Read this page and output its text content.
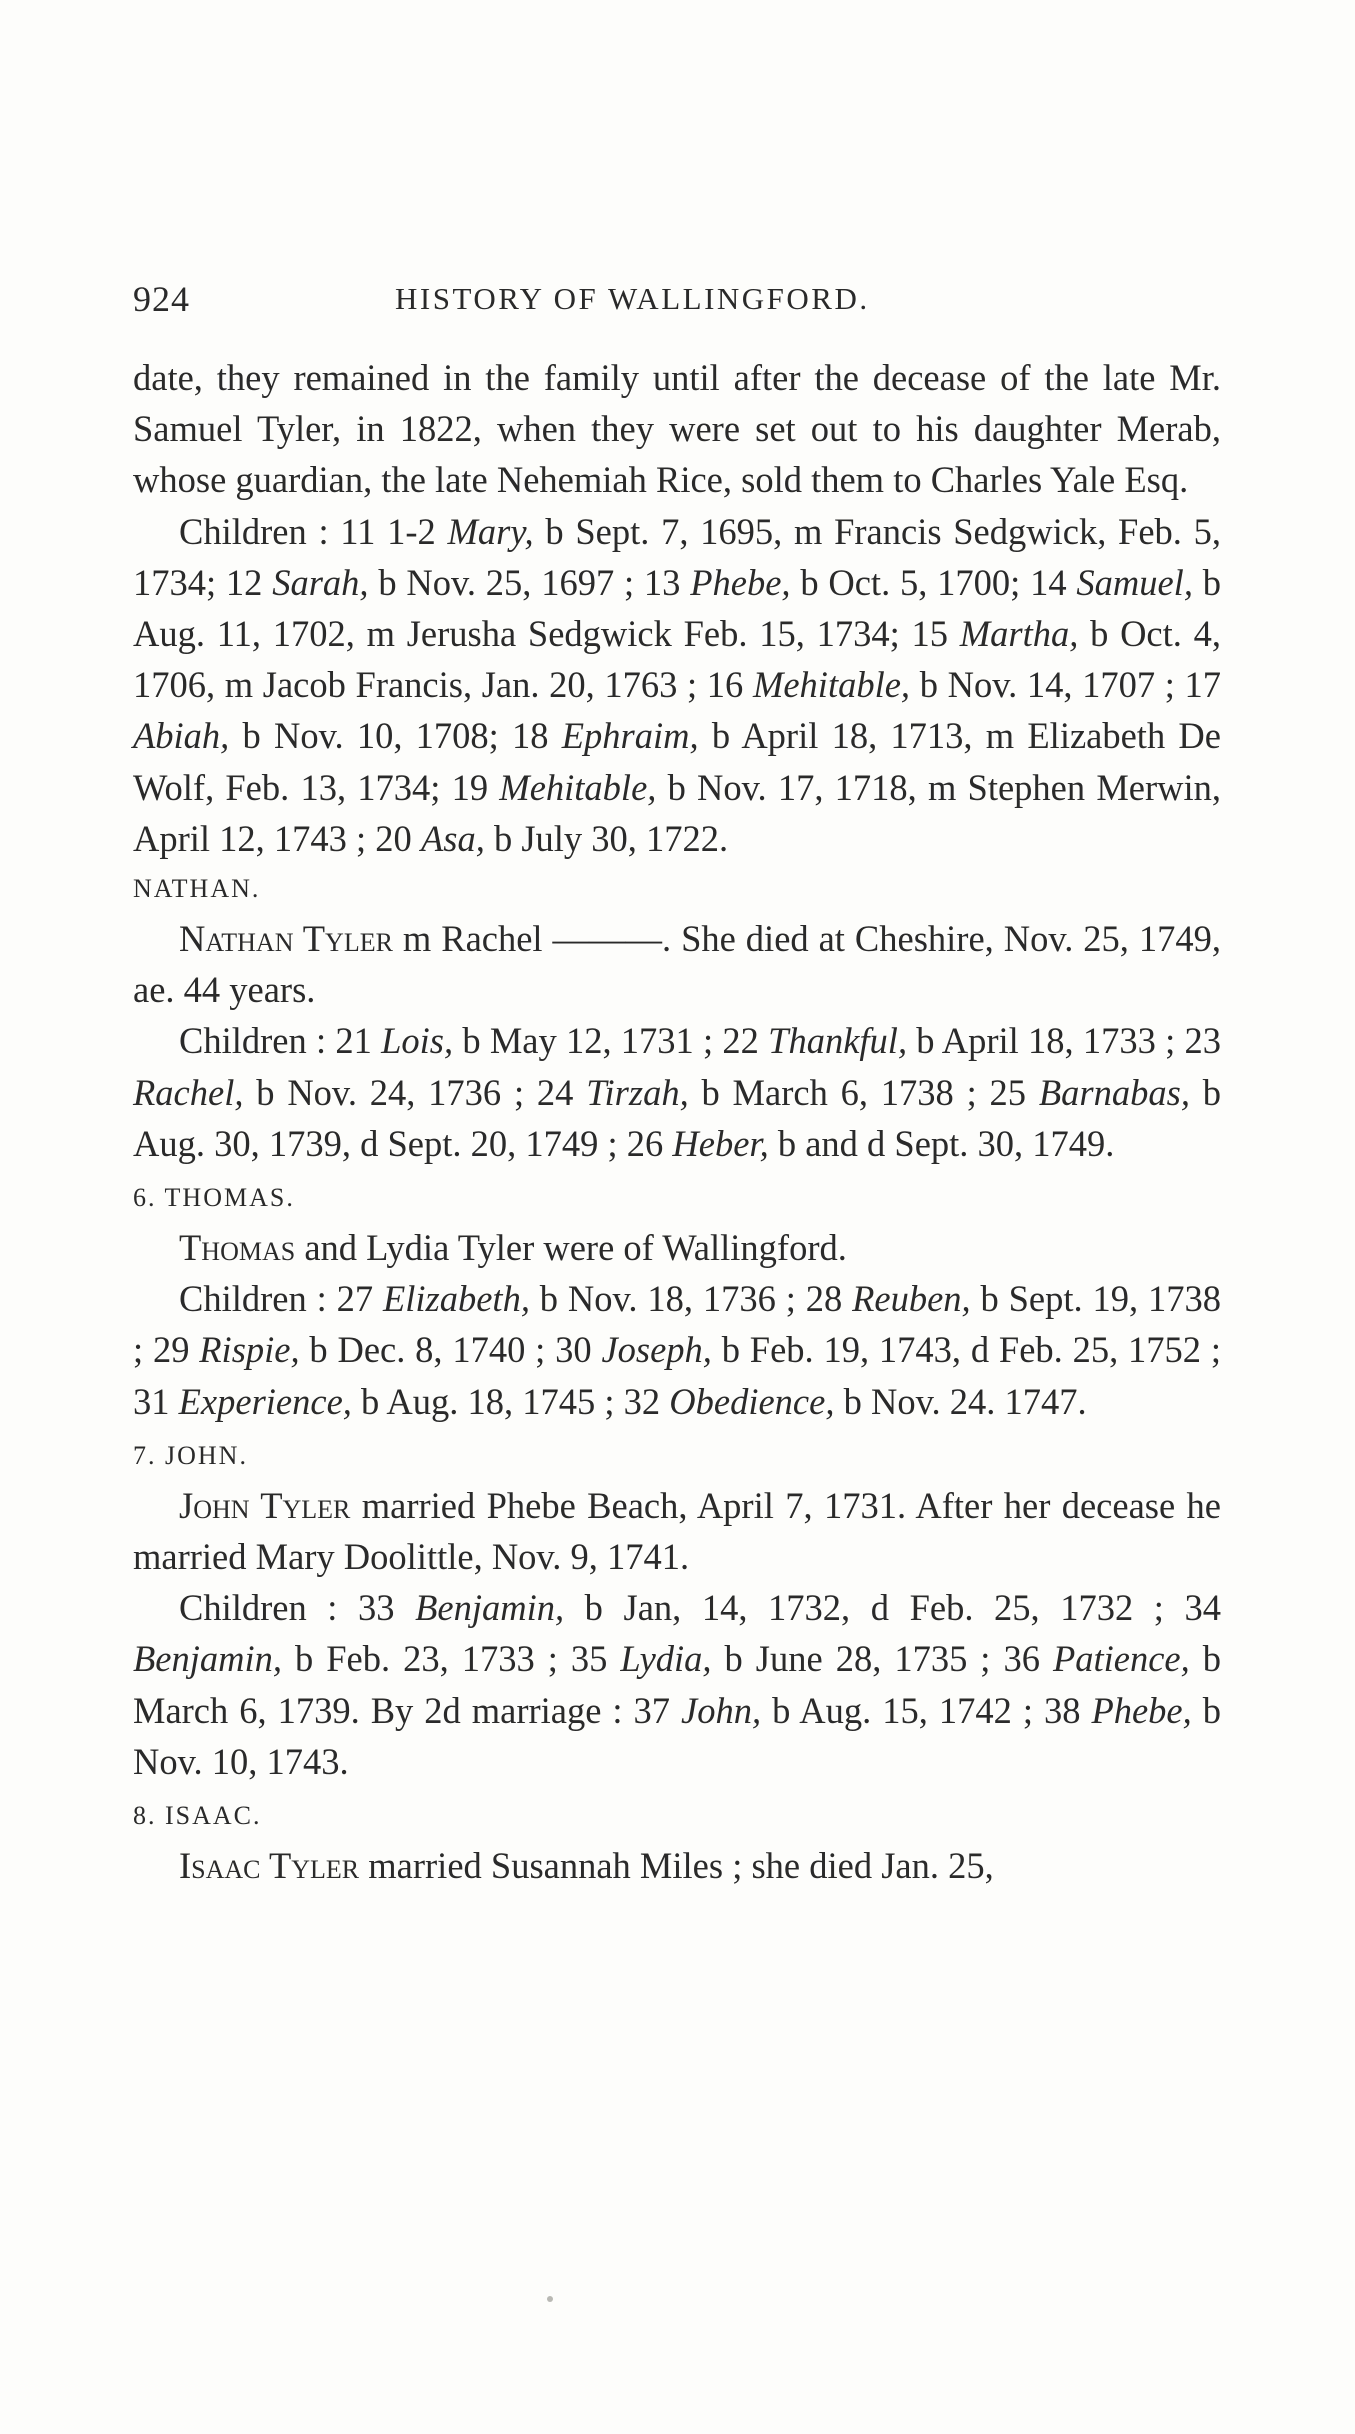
924	HISTORY OF WALLINGFORD.

date, they remained in the family until after the decease of the late Mr. Samuel Tyler, in 1822, when they were set out to his daughter Merab, whose guardian, the late Nehemiah Rice, sold them to Charles Yale Esq.

Children : 11 1-2 Mary, b Sept. 7, 1695, m Francis Sedgwick, Feb. 5, 1734; 12 Sarah, b Nov. 25, 1697 ; 13 Phebe, b Oct. 5, 1700; 14 Samuel, b Aug. 11, 1702, m Jerusha Sedgwick Feb. 15, 1734; 15 Martha, b Oct. 4, 1706, m Jacob Francis, Jan. 20, 1763 ; 16 Mehitable, b Nov. 14, 1707 ; 17 Abiah, b Nov. 10, 1708; 18 Ephraim, b April 18, 1713, m Elizabeth De Wolf, Feb. 13, 1734; 19 Mehitable, b Nov. 17, 1718, m Stephen Merwin, April 12, 1743 ; 20 Asa, b July 30, 1722.

NATHAN.

Nathan Tyler m Rachel ———. She died at Cheshire, Nov. 25, 1749, ae. 44 years.

Children : 21 Lois, b May 12, 1731 ; 22 Thankful, b April 18, 1733 ; 23 Rachel, b Nov. 24, 1736 ; 24 Tirzah, b March 6, 1738 ; 25 Barnabas, b Aug. 30, 1739, d Sept. 20, 1749 ; 26 Heber, b and d Sept. 30, 1749.

6. THOMAS.

Thomas and Lydia Tyler were of Wallingford.

Children : 27 Elizabeth, b Nov. 18, 1736 ; 28 Reuben, b Sept. 19, 1738 ; 29 Rispie, b Dec. 8, 1740 ; 30 Joseph, b Feb. 19, 1743, d Feb. 25, 1752 ; 31 Experience, b Aug. 18, 1745 ; 32 Obedience, b Nov. 24. 1747.

7. JOHN.

John Tyler married Phebe Beach, April 7, 1731. After her decease he married Mary Doolittle, Nov. 9, 1741.

Children : 33 Benjamin, b Jan, 14, 1732, d Feb. 25, 1732 ; 34 Benjamin, b Feb. 23, 1733 ; 35 Lydia, b June 28, 1735 ; 36 Patience, b March 6, 1739. By 2d marriage : 37 John, b Aug. 15, 1742 ; 38 Phebe, b Nov. 10, 1743.

8. ISAAC.

Isaac Tyler married Susannah Miles ; she died Jan. 25,
